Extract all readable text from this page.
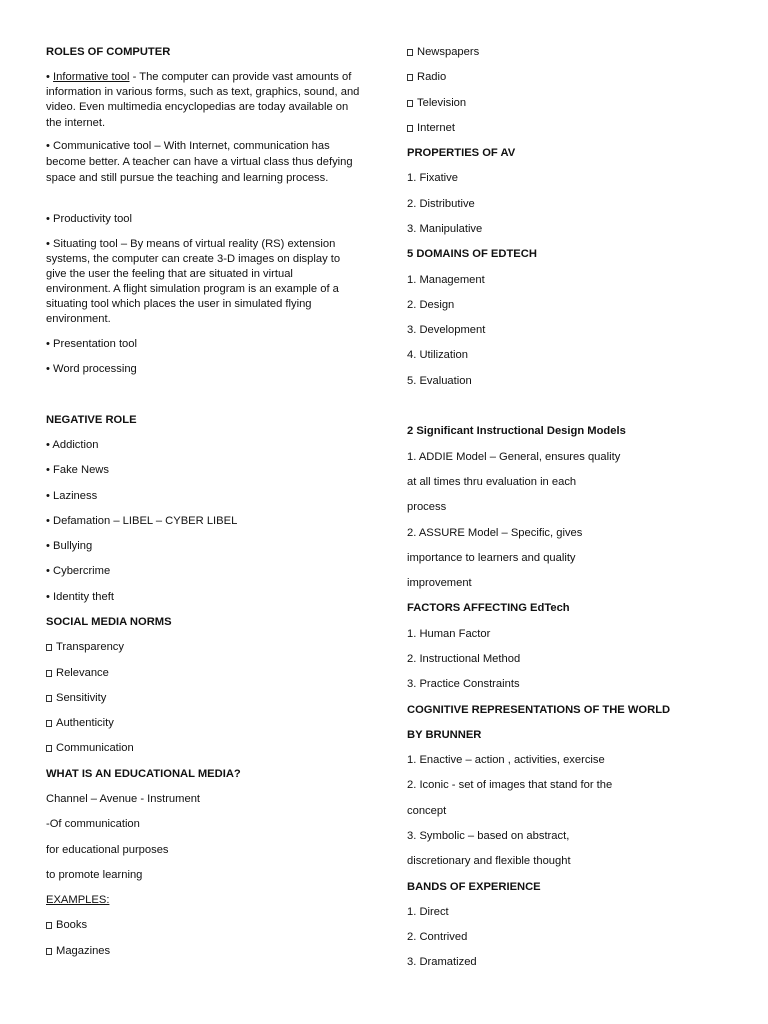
ROLES OF COMPUTER
• Informative tool - The computer can provide vast amounts of information in various forms, such as text, graphics, sound, and video. Even multimedia encyclopedias are today available on the internet.
• Communicative tool – With Internet, communication has become better. A teacher can have a virtual class thus defying space and still pursue the teaching and learning process.
• Productivity tool
• Situating tool – By means of virtual reality (RS) extension systems, the computer can create 3-D images on display to give the user the feeling that are situated in virtual environment. A flight simulation program is an example of a situating tool which places the user in simulated flying environment.
• Presentation tool
• Word processing
NEGATIVE ROLE
• Addiction
• Fake News
• Laziness
• Defamation – LIBEL – CYBER LIBEL
• Bullying
• Cybercrime
• Identity theft
SOCIAL MEDIA NORMS
Transparency
Relevance
Sensitivity
Authenticity
Communication
WHAT IS AN EDUCATIONAL MEDIA?
Channel – Avenue - Instrument
-Of communication
for educational purposes
to promote learning
EXAMPLES:
Books
Magazines
Newspapers
Radio
Television
Internet
PROPERTIES OF AV
1. Fixative
2. Distributive
3. Manipulative
5 DOMAINS OF EDTECH
1. Management
2. Design
3. Development
4. Utilization
5. Evaluation
2 Significant Instructional Design Models
1. ADDIE Model – General, ensures quality
at all times thru evaluation in each
process
2. ASSURE Model – Specific, gives
importance to learners and quality
improvement
FACTORS AFFECTING EdTech
1. Human Factor
2. Instructional Method
3. Practice Constraints
COGNITIVE REPRESENTATIONS OF THE WORLD
BY BRUNNER
1. Enactive – action , activities, exercise
2. Iconic - set of images that stand for the
concept
3. Symbolic – based on abstract,
discretionary and flexible thought
BANDS OF EXPERIENCE
1. Direct
2. Contrived
3. Dramatized
